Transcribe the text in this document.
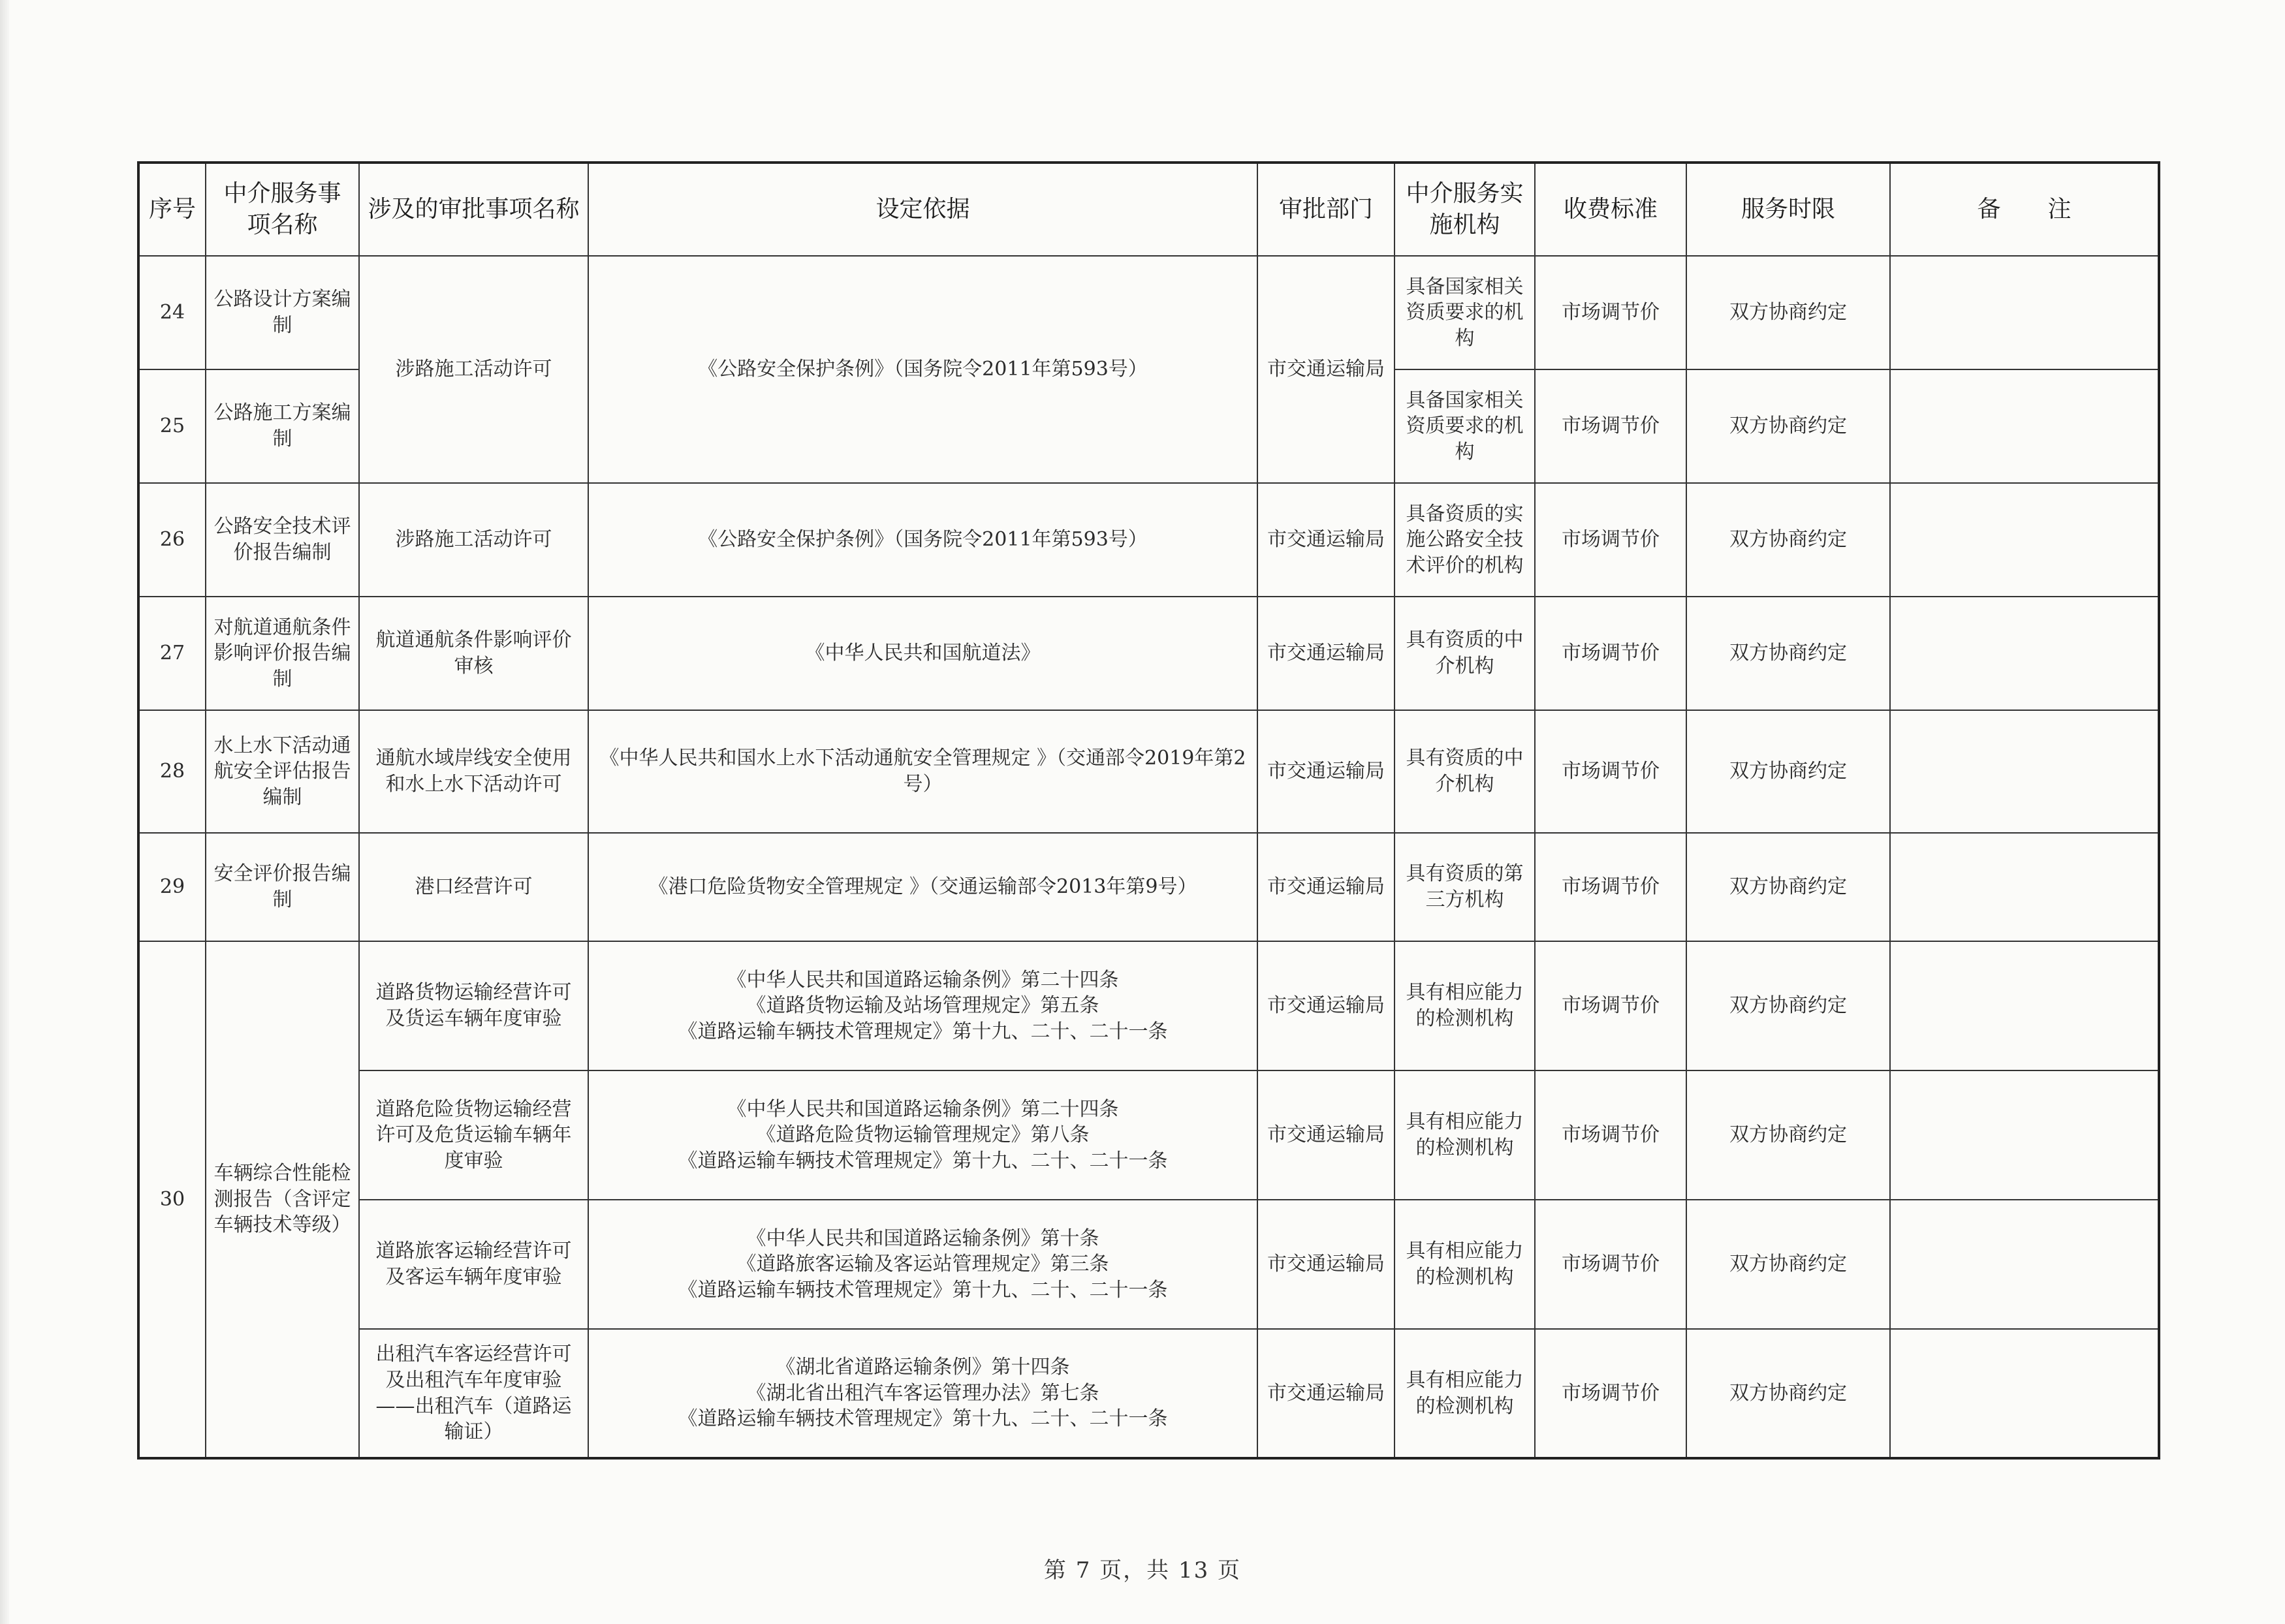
序号	中介服务事项名称	涉及的审批事项名称	设定依据	审批部门	中介服务实施机构	收费标准	服务时限	备　　注
24	公路设计方案编制	涉路施工活动许可	《公路安全保护条例》（国务院令2011年第593号）	市交通运输局	具备国家相关资质要求的机构	市场调节价	双方协商约定	
25	公路施工方案编制				具备国家相关资质要求的机构	市场调节价	双方协商约定	
26	公路安全技术评价报告编制	涉路施工活动许可	《公路安全保护条例》（国务院令2011年第593号）	市交通运输局	具备资质的实施公路安全技术评价的机构	市场调节价	双方协商约定	
27	对航道通航条件影响评价报告编制	航道通航条件影响评价审核	《中华人民共和国航道法》	市交通运输局	具有资质的中介机构	市场调节价	双方协商约定	
28	水上水下活动通航安全评估报告编制	通航水域岸线安全使用和水上水下活动许可	《中华人民共和国水上水下活动通航安全管理规定 》（交通部令2019年第2号）	市交通运输局	具有资质的中介机构	市场调节价	双方协商约定	
29	安全评价报告编制	港口经营许可	《港口危险货物安全管理规定 》（交通运输部令2013年第9号）	市交通运输局	具有资质的第三方机构	市场调节价	双方协商约定	
30	车辆综合性能检测报告（含评定车辆技术等级）	道路货物运输经营许可及货运车辆年度审验	《中华人民共和国道路运输条例》第二十四条
《道路货物运输及站场管理规定》第五条
《道路运输车辆技术管理规定》第十九、二十、二十一条	市交通运输局	具有相应能力的检测机构	市场调节价	双方协商约定	
		道路危险货物运输经营许可及危货运输车辆年度审验	《中华人民共和国道路运输条例》第二十四条
《道路危险货物运输管理规定》第八条
《道路运输车辆技术管理规定》第十九、二十、二十一条	市交通运输局	具有相应能力的检测机构	市场调节价	双方协商约定	
		道路旅客运输经营许可及客运车辆年度审验	《中华人民共和国道路运输条例》第十条
《道路旅客运输及客运站管理规定》第三条
《道路运输车辆技术管理规定》第十九、二十、二十一条	市交通运输局	具有相应能力的检测机构	市场调节价	双方协商约定	
		出租汽车客运经营许可及出租汽车年度审验——出租汽车（道路运输证）	《湖北省道路运输条例》第十四条
《湖北省出租汽车客运管理办法》第七条
《道路运输车辆技术管理规定》第十九、二十、二十一条	市交通运输局	具有相应能力的检测机构	市场调节价	双方协商约定	
第 7 页，共 13 页
